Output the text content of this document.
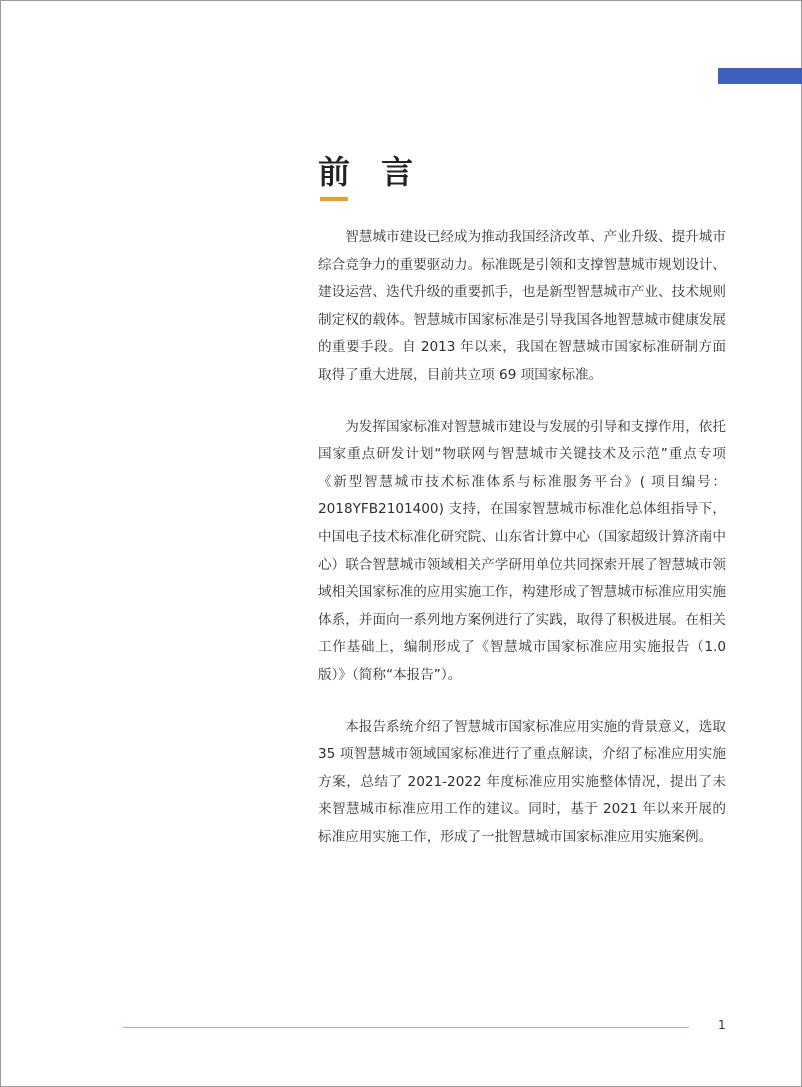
前 言

智慧城市建设已经成为推动我国经济改革、产业升级、提升城市综合竞争力的重要驱动力。标准既是引领和支撑智慧城市规划设计、建设运营、迭代升级的重要抓手，也是新型智慧城市产业、技术规则制定权的载体。智慧城市国家标准是引导我国各地智慧城市健康发展的重要手段。自 2013 年以来，我国在智慧城市国家标准研制方面取得了重大进展，目前共立项 69 项国家标准。

为发挥国家标准对智慧城市建设与发展的引导和支撑作用，依托国家重点研发计划“物联网与智慧城市关键技术及示范”重点专项《新型智慧城市技术标准体系与标准服务平台》( 项目编号：2018YFB2101400) 支持，在国家智慧城市标准化总体组指导下，中国电子技术标准化研究院、山东省计算中心（国家超级计算济南中心）联合智慧城市领域相关产学研用单位共同探索开展了智慧城市领域相关国家标准的应用实施工作，构建形成了智慧城市标准应用实施体系，并面向一系列地方案例进行了实践，取得了积极进展。在相关工作基础上，编制形成了《智慧城市国家标准应用实施报告（1.0 版）》（简称“本报告”）。

本报告系统介绍了智慧城市国家标准应用实施的背景意义，选取 35 项智慧城市领域国家标准进行了重点解读，介绍了标准应用实施方案，总结了 2021-2022 年度标准应用实施整体情况，提出了未来智慧城市标准应用工作的建议。同时，基于 2021 年以来开展的标准应用实施工作，形成了一批智慧城市国家标准应用实施案例。

1
